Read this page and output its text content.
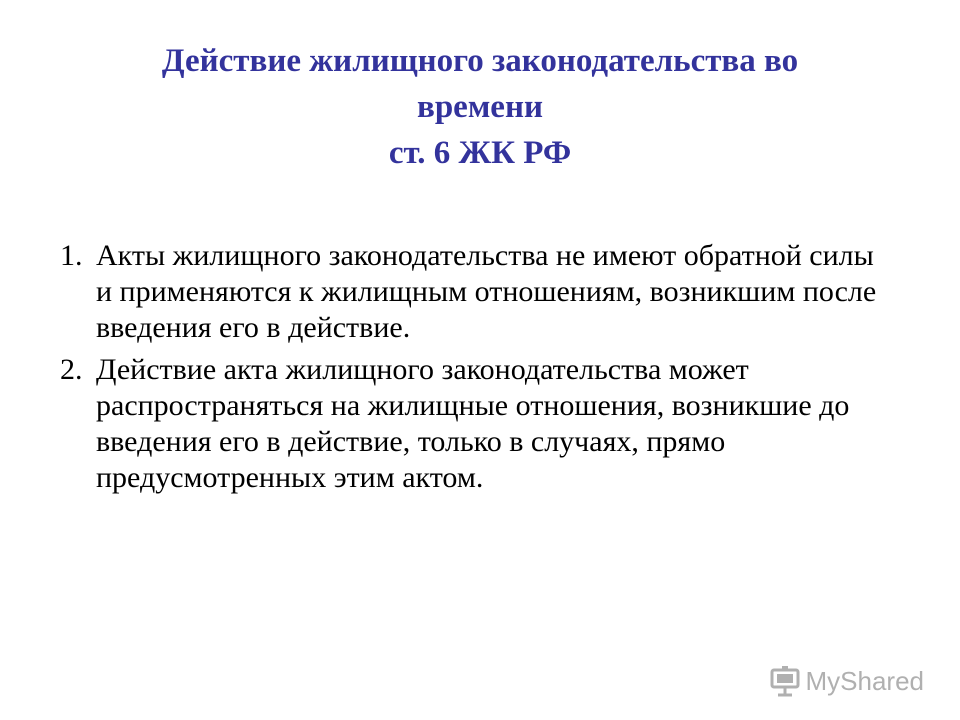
Действие жилищного законодательства во
времени
ст. 6 ЖК РФ
1. Акты жилищного законодательства не имеют обратной силы и применяются к жилищным отношениям, возникшим после введения его в действие.
2. Действие акта жилищного законодательства может распространяться на жилищные отношения, возникшие до введения его в действие, только в случаях, прямо предусмотренных этим актом.
MyShared
